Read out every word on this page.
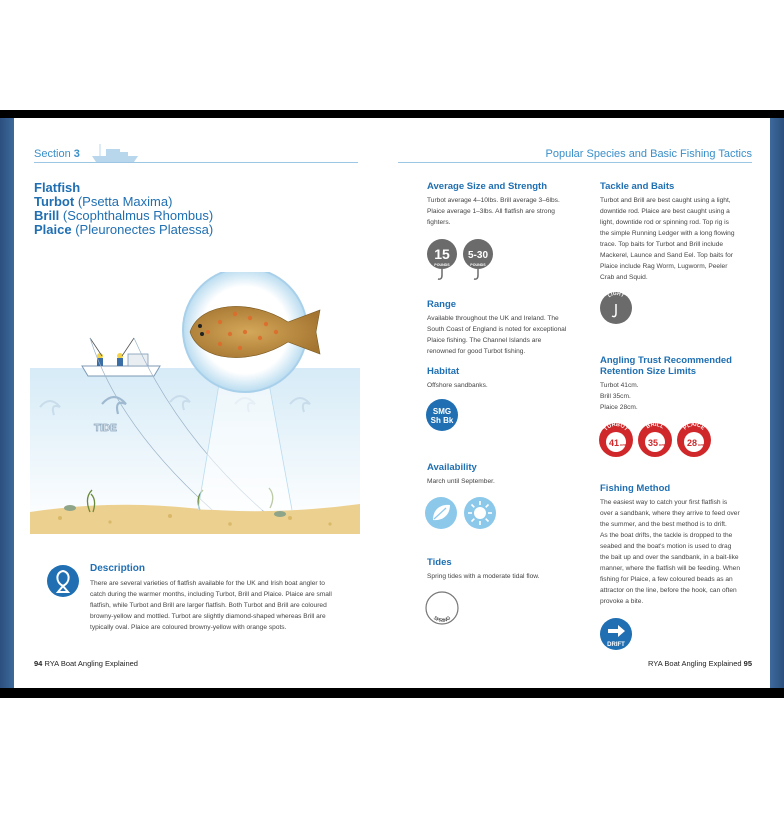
Section 3	Popular Species and Basic Fishing Tactics
Flatfish
Turbot (Psetta Maxima)
Brill (Scophthalmus Rhombus)
Plaice (Pleuronectes Platessa)
TIDE
Description
There are several varieties of flatfish available for the UK and Irish boat angler to
catch during the warmer months, including Turbot, Brill and Plaice. Plaice are small
flatfish, while Turbot and Brill are larger flatfish. Both Turbot and Brill are coloured
browny-yellow and mottled. Turbot are slightly diamond-shaped whereas Brill are
typically oval. Plaice are coloured browny-yellow with orange spots.
94 RYA Boat Angling Explained
Average Size and Strength
Turbot average 4–10lbs. Brill average 3–6lbs.
Plaice average 1–3lbs. All flatfish are strong
fighters.
15
POUNDS
5-30
POUNDS
Range
Available throughout the UK and Ireland. The
South Coast of England is noted for exceptional
Plaice fishing. The Channel Islands are
renowned for good Turbot fishing.
Habitat
Offshore sandbanks.
SMG
Sh Bk
Availability
March until September.
Tides
Spring tides with a moderate tidal flow.
SPRING
Tackle and Baits
Turbot and Brill are best caught using a light,
downtide rod. Plaice are best caught using a
light, downtide rod or spinning rod. Top rig is
the simple Running Ledger with a long flowing
trace. Top baits for Turbot and Brill include
Mackerel, Launce and Sand Eel. Top baits for
Plaice include Rag Worm, Lugworm, Peeler
Crab and Squid.
LIGHT
Angling Trust Recommended
Retention Size Limits
Turbot 41cm.
Brill 35cm.
Plaice 28cm.
TURBOT
41 cm
BRILL
35 cm
PLAICE
28 cm
Fishing Method
The easiest way to catch your first flatfish is
over a sandbank, where they arrive to feed over
the summer, and the best method is to drift.
As the boat drifts, the tackle is dropped to the
seabed and the boat's motion is used to drag
the bait up and over the sandbank, in a bait-like
manner, where the flatfish will be feeding. When
fishing for Plaice, a few coloured beads as an
attractor on the line, before the hook, can often
provoke a bite.
DRIFT
RYA Boat Angling Explained 95
